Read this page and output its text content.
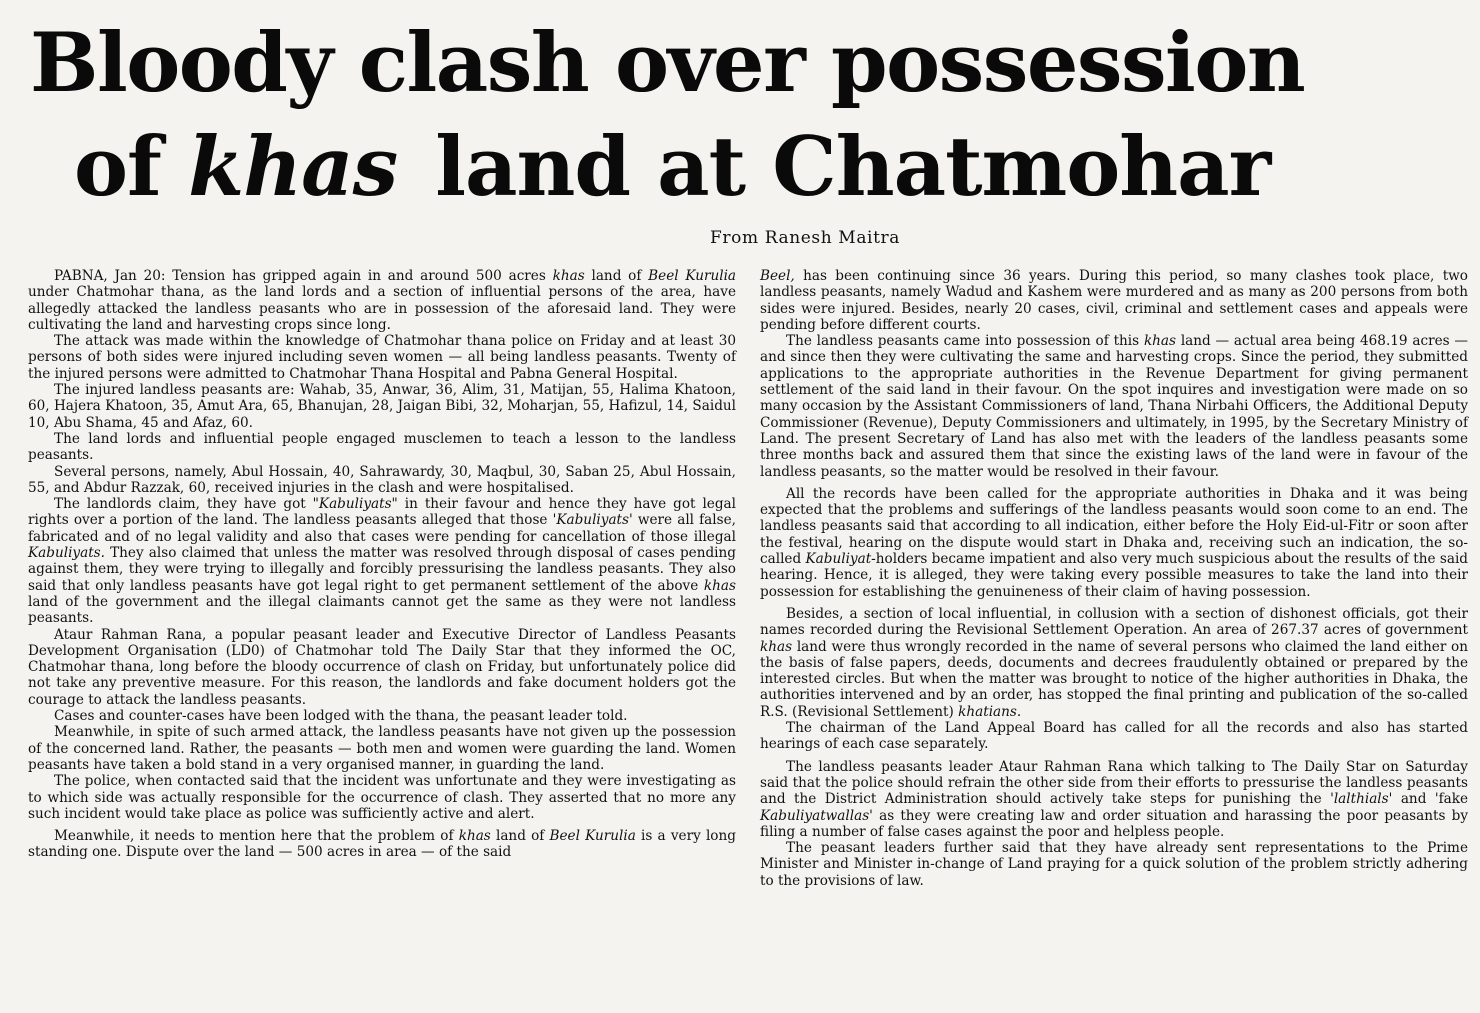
Bloody clash over possession
of khas land at Chatmohar
From Ranesh Maitra

PABNA, Jan 20: Tension has gripped again in and around 500 acres khas land of Beel Kurulia under Chatmohar thana, as the land lords and a section of influential persons of the area, have allegedly attacked the landless peasants who are in possession of the aforesaid land. They were cultivating the land and harvesting crops since long.

The attack was made within the knowledge of Chatmohar thana police on Friday and at least 30 persons of both sides were injured including seven women — all being landless peasants. Twenty of the injured persons were admitted to Chatmohar Thana Hospital and Pabna General Hospital.

The injured landless peasants are: Wahab, 35, Anwar, 36, Alim, 31, Matijan, 55, Halima Khatoon, 60, Hajera Khatoon, 35, Amut Ara, 65, Bhanujan, 28, Jaigan Bibi, 32, Moharjan, 55, Hafizul, 14, Saidul 10, Abu Shama, 45 and Afaz, 60.

The land lords and influential people engaged musclemen to teach a lesson to the landless peasants.

Several persons, namely, Abul Hossain, 40, Sahrawardy, 30, Maqbul, 30, Saban 25, Abul Hossain, 55, and Abdur Razzak, 60, received injuries in the clash and were hospitalised.

The landlords claim, they have got "Kabuliyats" in their favour and hence they have got legal rights over a portion of the land. The landless peasants alleged that those 'Kabuliyats' were all false, fabricated and of no legal validity and also that cases were pending for cancellation of those illegal Kabuliyats. They also claimed that unless the matter was resolved through disposal of cases pending against them, they were trying to illegally and forcibly pressurising the landless peasants. They also said that only landless peasants have got legal right to get permanent settlement of the above khas land of the government and the illegal claimants cannot get the same as they were not landless peasants.

Ataur Rahman Rana, a popular peasant leader and Executive Director of Landless Peasants Development Organisation (LD0) of Chatmohar told The Daily Star that they informed the OC, Chatmohar thana, long before the bloody occurrence of clash on Friday, but unfortunately police did not take any preventive measure. For this reason, the landlords and fake document holders got the courage to attack the landless peasants.

Cases and counter-cases have been lodged with the thana, the peasant leader told.

Meanwhile, in spite of such armed attack, the landless peasants have not given up the possession of the concerned land. Rather, the peasants — both men and women were guarding the land. Women peasants have taken a bold stand in a very organised manner, in guarding the land.

The police, when contacted said that the incident was unfortunate and they were investigating as to which side was actually responsible for the occurrence of clash. They asserted that no more any such incident would take place as police was sufficiently active and alert.

Meanwhile, it needs to mention here that the problem of khas land of Beel Kurulia is a very long standing one. Dispute over the land — 500 acres in area — of the said

Beel, has been continuing since 36 years. During this period, so many clashes took place, two landless peasants, namely Wadud and Kashem were murdered and as many as 200 persons from both sides were injured. Besides, nearly 20 cases, civil, criminal and settlement cases and appeals were pending before different courts.

The landless peasants came into possession of this khas land — actual area being 468.19 acres — and since then they were cultivating the same and harvesting crops. Since the period, they submitted applications to the appropriate authorities in the Revenue Department for giving permanent settlement of the said land in their favour. On the spot inquires and investigation were made on so many occasion by the Assistant Commissioners of land, Thana Nirbahi Officers, the Additional Deputy Commissioner (Revenue), Deputy Commissioners and ultimately, in 1995, by the Secretary Ministry of Land. The present Secretary of Land has also met with the leaders of the landless peasants some three months back and assured them that since the existing laws of the land were in favour of the landless peasants, so the matter would be resolved in their favour.

All the records have been called for the appropriate authorities in Dhaka and it was being expected that the problems and sufferings of the landless peasants would soon come to an end. The landless peasants said that according to all indication, either before the Holy Eid-ul-Fitr or soon after the festival, hearing on the dispute would start in Dhaka and, receiving such an indication, the so-called Kabuliyat-holders became impatient and also very much suspicious about the results of the said hearing. Hence, it is alleged, they were taking every possible measures to take the land into their possession for establishing the genuineness of their claim of having possession.

Besides, a section of local influential, in collusion with a section of dishonest officials, got their names recorded during the Revisional Settlement Operation. An area of 267.37 acres of government khas land were thus wrongly recorded in the name of several persons who claimed the land either on the basis of false papers, deeds, documents and decrees fraudulently obtained or prepared by the interested circles. But when the matter was brought to notice of the higher authorities in Dhaka, the authorities intervened and by an order, has stopped the final printing and publication of the so-called R.S. (Revisional Settlement) khatians.

The chairman of the Land Appeal Board has called for all the records and also has started hearings of each case separately.

The landless peasants leader Ataur Rahman Rana which talking to The Daily Star on Saturday said that the police should refrain the other side from their efforts to pressurise the landless peasants and the District Administration should actively take steps for punishing the 'lalthials' and 'fake Kabuliyatwallas' as they were creating law and order situation and harassing the poor peasants by filing a number of false cases against the poor and helpless people.

The peasant leaders further said that they have already sent representations to the Prime Minister and Minister in-change of Land praying for a quick solution of the problem strictly adhering to the provisions of law.
